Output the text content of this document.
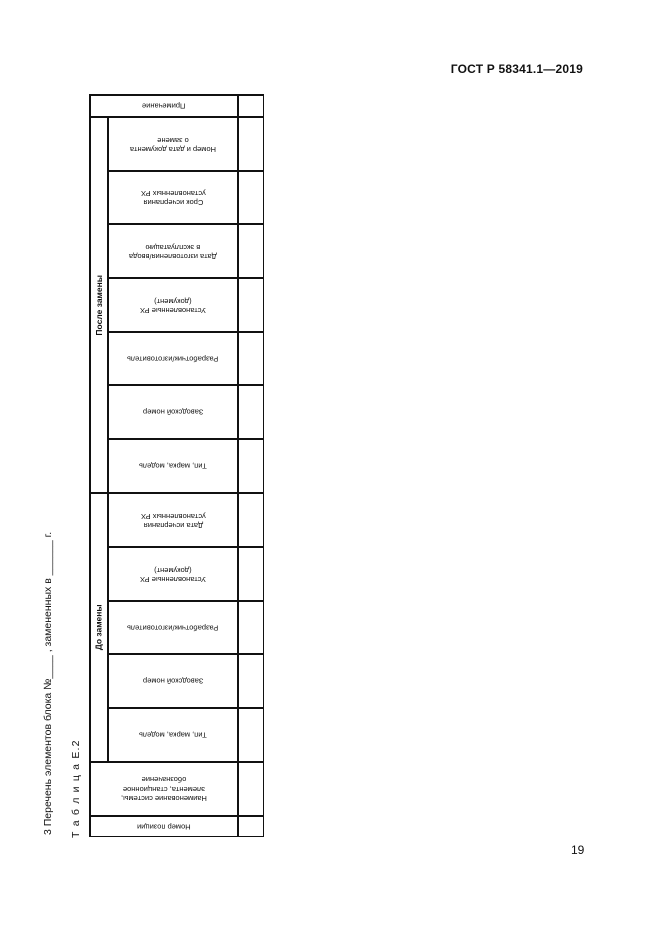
ГОСТ Р 58341.1—2019
3 Перечень элементов блока №____ , замененных в ______ г. Т а б л и ц а Е.2	Номер позиции
Наименование системы,
элемента, станционное
обозначение
До замены
Тип, марка, модель
Заводской номер
Разработчик/изготовитель
Установленные РХ
(документ)
Дата исчерпания
установленных РХ
После замены
Тип, марка, модель
Заводской номер
Разработчик/изготовитель
Установленные РХ
(документ)
Дата изготовления/ввода
в эксплуатацию
Срок исчерпания
установленных РХ
Номер и дата документа
о замене
Примечание
19
